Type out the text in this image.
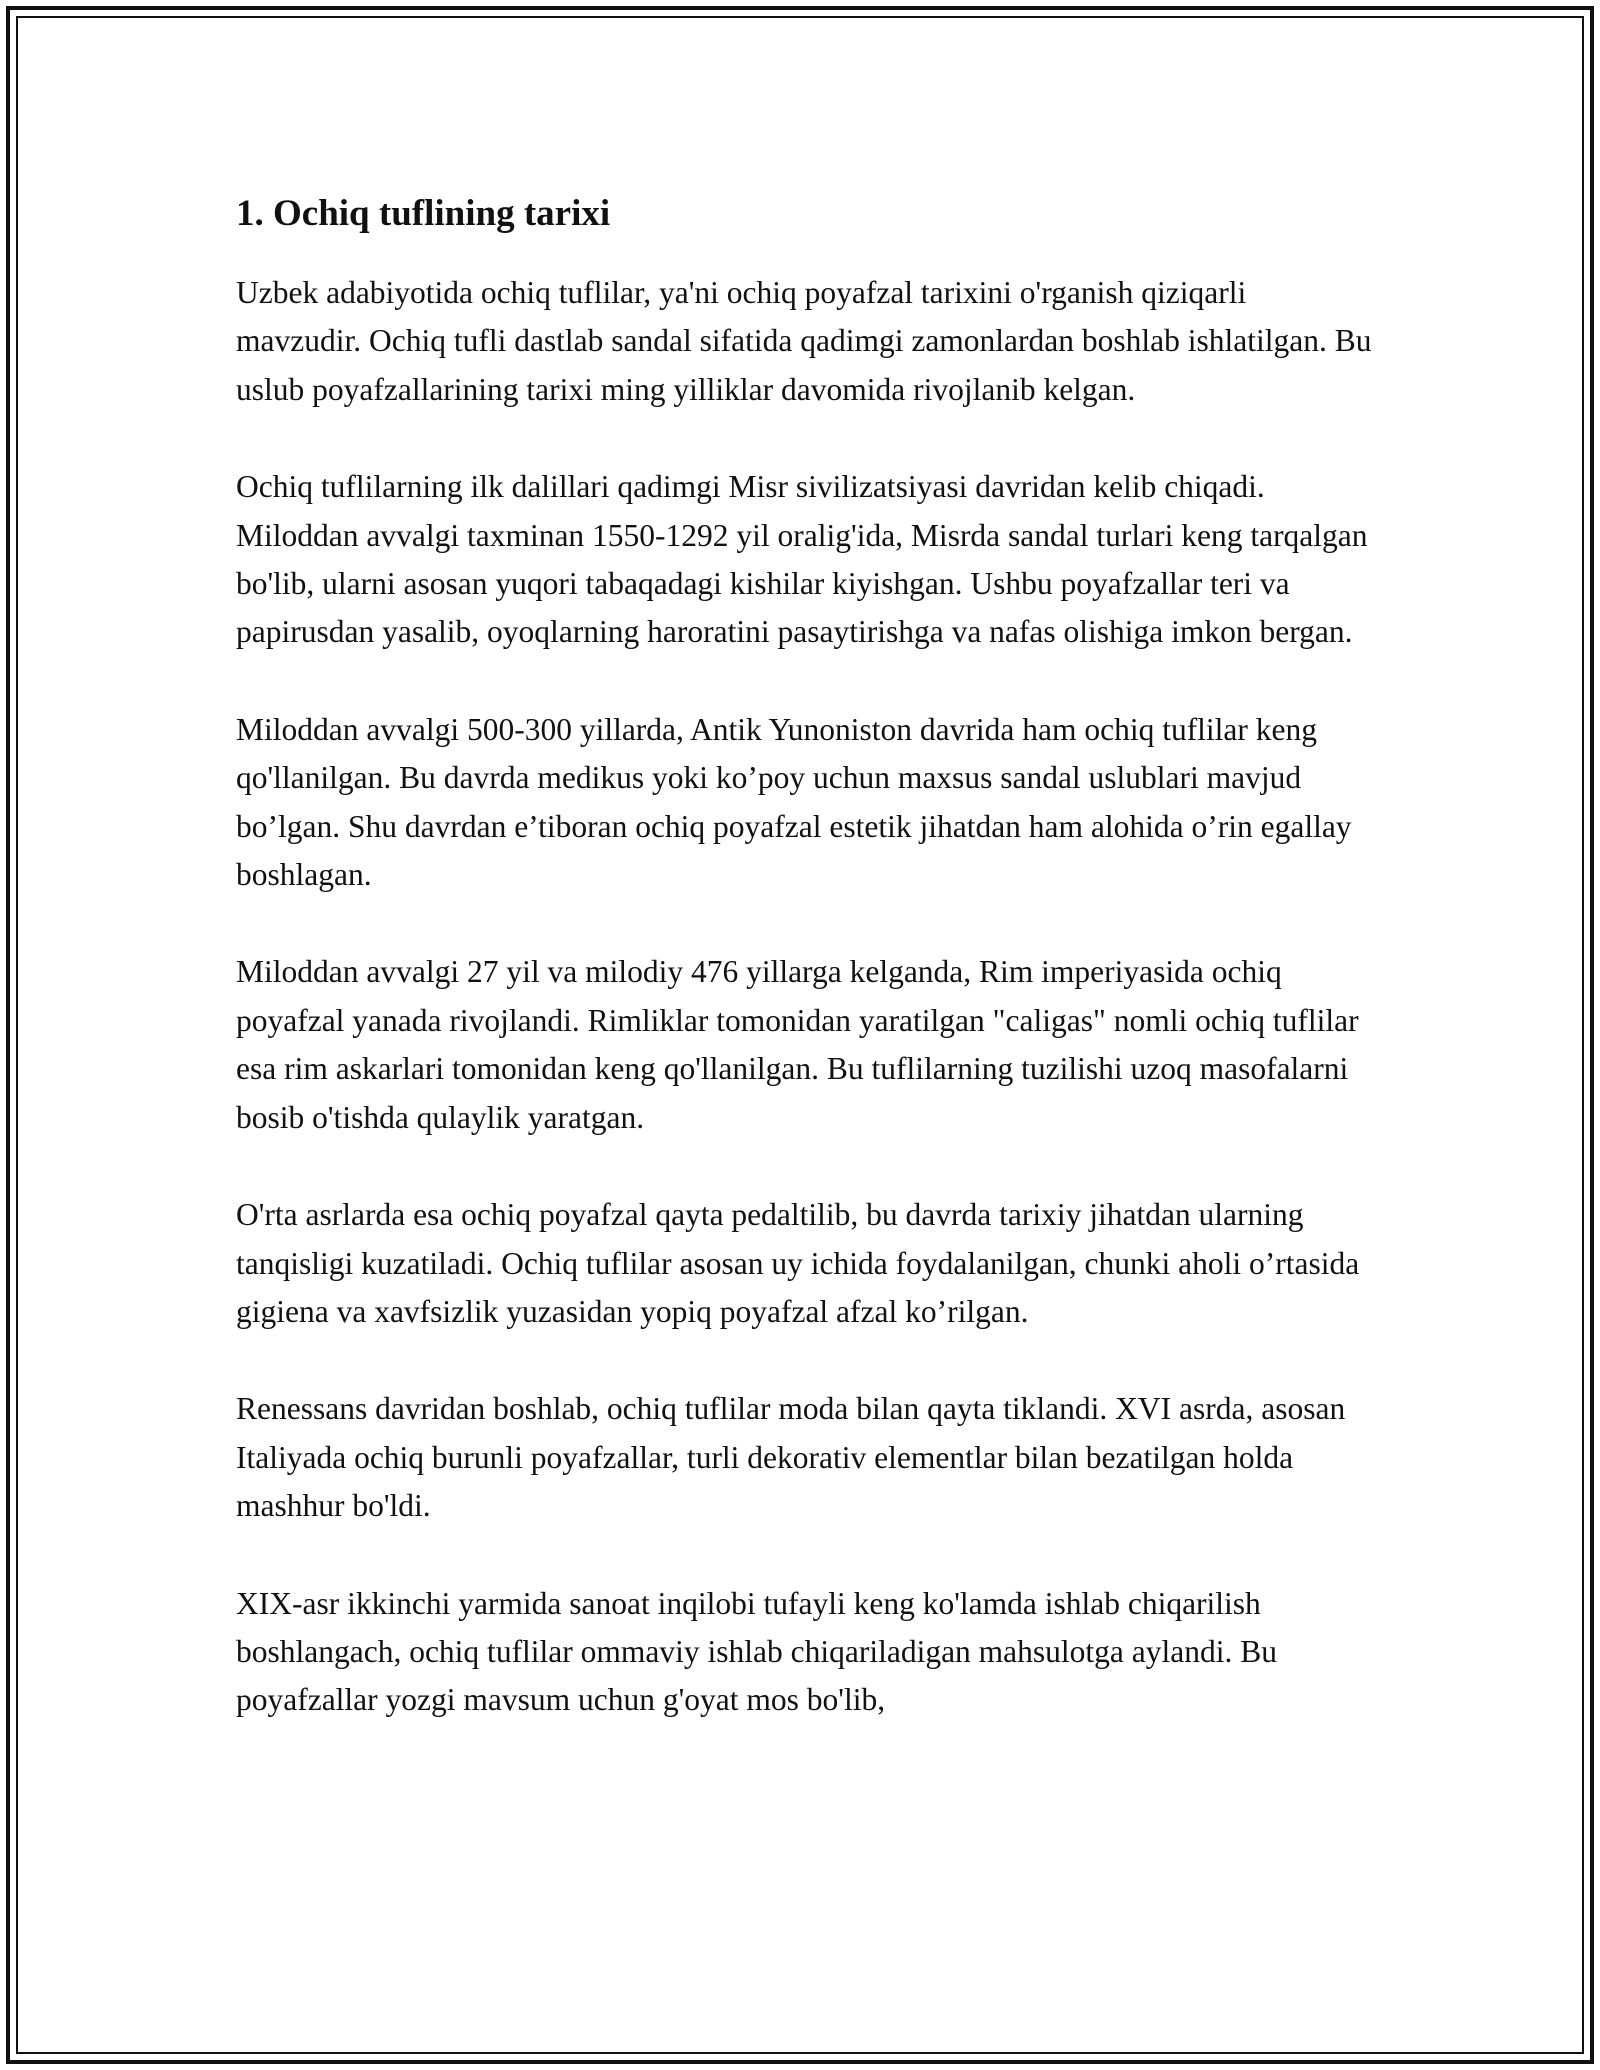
1. Ochiq tuflining tarixi

Uzbek adabiyotida ochiq tuflilar, ya'ni ochiq poyafzal tarixini o'rganish qiziqarli mavzudir. Ochiq tufli dastlab sandal sifatida qadimgi zamonlardan boshlab ishlatilgan. Bu uslub poyafzallarining tarixi ming yilliklar davomida rivojlanib kelgan.

Ochiq tuflilarning ilk dalillari qadimgi Misr sivilizatsiyasi davridan kelib chiqadi. Miloddan avvalgi taxminan 1550-1292 yil oralig'ida, Misrda sandal turlari keng tarqalgan bo'lib, ularni asosan yuqori tabaqadagi kishilar kiyishgan. Ushbu poyafzallar teri va papirusdan yasalib, oyoqlarning haroratini pasaytirishga va nafas olishiga imkon bergan.

Miloddan avvalgi 500-300 yillarda, Antik Yunoniston davrida ham ochiq tuflilar keng qo'llanilgan. Bu davrda medikus yoki ko’poy uchun maxsus sandal uslublari mavjud bo’lgan. Shu davrdan e’tiboran ochiq poyafzal estetik jihatdan ham alohida o’rin egallay boshlagan.

Miloddan avvalgi 27 yil va milodiy 476 yillarga kelganda, Rim imperiyasida ochiq poyafzal yanada rivojlandi. Rimliklar tomonidan yaratilgan "caligas" nomli ochiq tuflilar esa rim askarlari tomonidan keng qo'llanilgan. Bu tuflilarning tuzilishi uzoq masofalarni bosib o'tishda qulaylik yaratgan.

O'rta asrlarda esa ochiq poyafzal qayta pedaltilib, bu davrda tarixiy jihatdan ularning tanqisligi kuzatiladi. Ochiq tuflilar asosan uy ichida foydalanilgan, chunki aholi o’rtasida gigiena va xavfsizlik yuzasidan yopiq poyafzal afzal ko’rilgan.

Renessans davridan boshlab, ochiq tuflilar moda bilan qayta tiklandi. XVI asrda, asosan Italiyada ochiq burunli poyafzallar, turli dekorativ elementlar bilan bezatilgan holda mashhur bo'ldi.

XIX-asr ikkinchi yarmida sanoat inqilobi tufayli keng ko'lamda ishlab chiqarilish boshlangach, ochiq tuflilar ommaviy ishlab chiqariladigan mahsulotga aylandi. Bu poyafzallar yozgi mavsum uchun g'oyat mos bo'lib,
